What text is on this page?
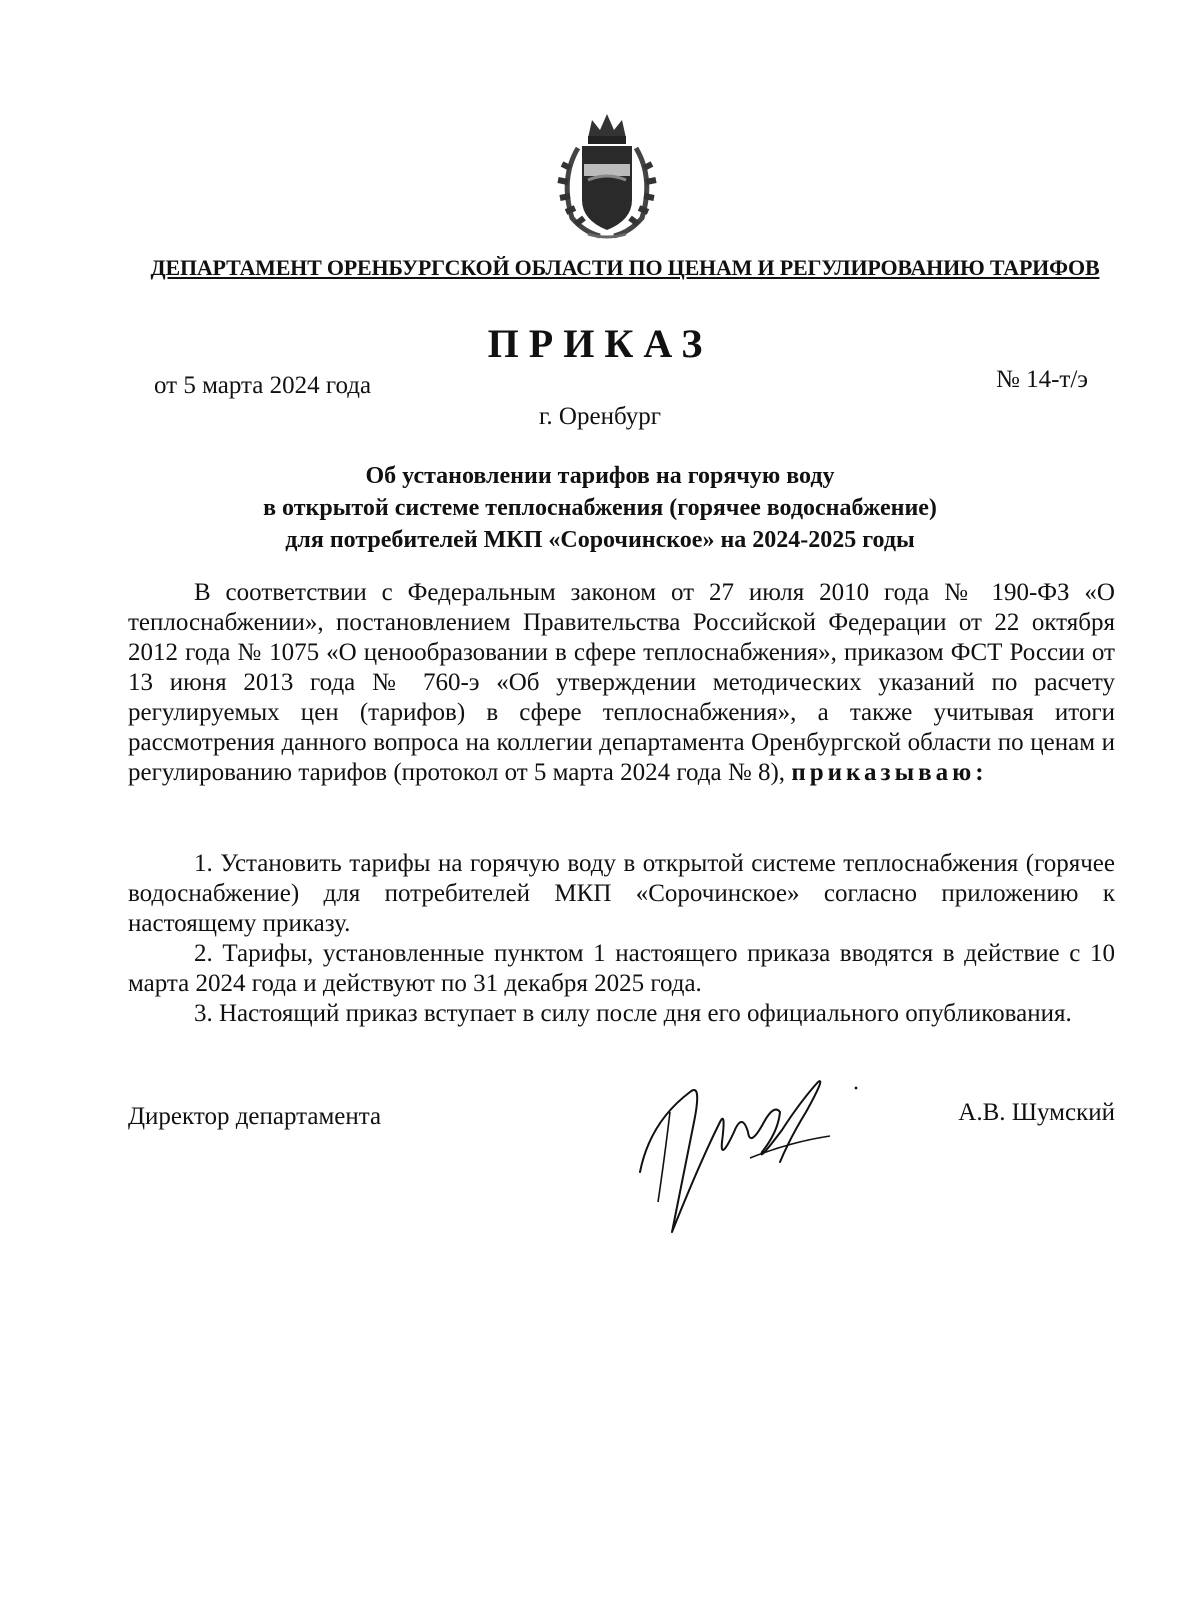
ДЕПАРТАМЕНТ ОРЕНБУРГСКОЙ ОБЛАСТИ ПО ЦЕНАМ И РЕГУЛИРОВАНИЮ ТАРИФОВ
ПРИКАЗ
от 5 марта 2024 года	№ 14-т/э
г. Оренбург
Об установлении тарифов на горячую воду
в открытой системе теплоснабжения (горячее водоснабжение)
для потребителей МКП «Сорочинское» на 2024-2025 годы

В соответствии с Федеральным законом от 27 июля 2010 года № 190-ФЗ «О теплоснабжении», постановлением Правительства Российской Федерации от 22 октября 2012 года № 1075 «О ценообразовании в сфере теплоснабжения», приказом ФСТ России от 13 июня 2013 года № 760-э «Об утверждении методических указаний по расчету регулируемых цен (тарифов) в сфере теплоснабжения», а также учитывая итоги рассмотрения данного вопроса на коллегии департамента Оренбургской области по ценам и регулированию тарифов (протокол от 5 марта 2024 года № 8), приказываю:

1. Установить тарифы на горячую воду в открытой системе теплоснабжения (горячее водоснабжение) для потребителей МКП «Сорочинское» согласно приложению к настоящему приказу.

2. Тарифы, установленные пунктом 1 настоящего приказа вводятся в действие с 10 марта 2024 года и действуют по 31 декабря 2025 года.

3. Настоящий приказ вступает в силу после дня его официального опубликования.

Директор департамента	А.В. Шумский
